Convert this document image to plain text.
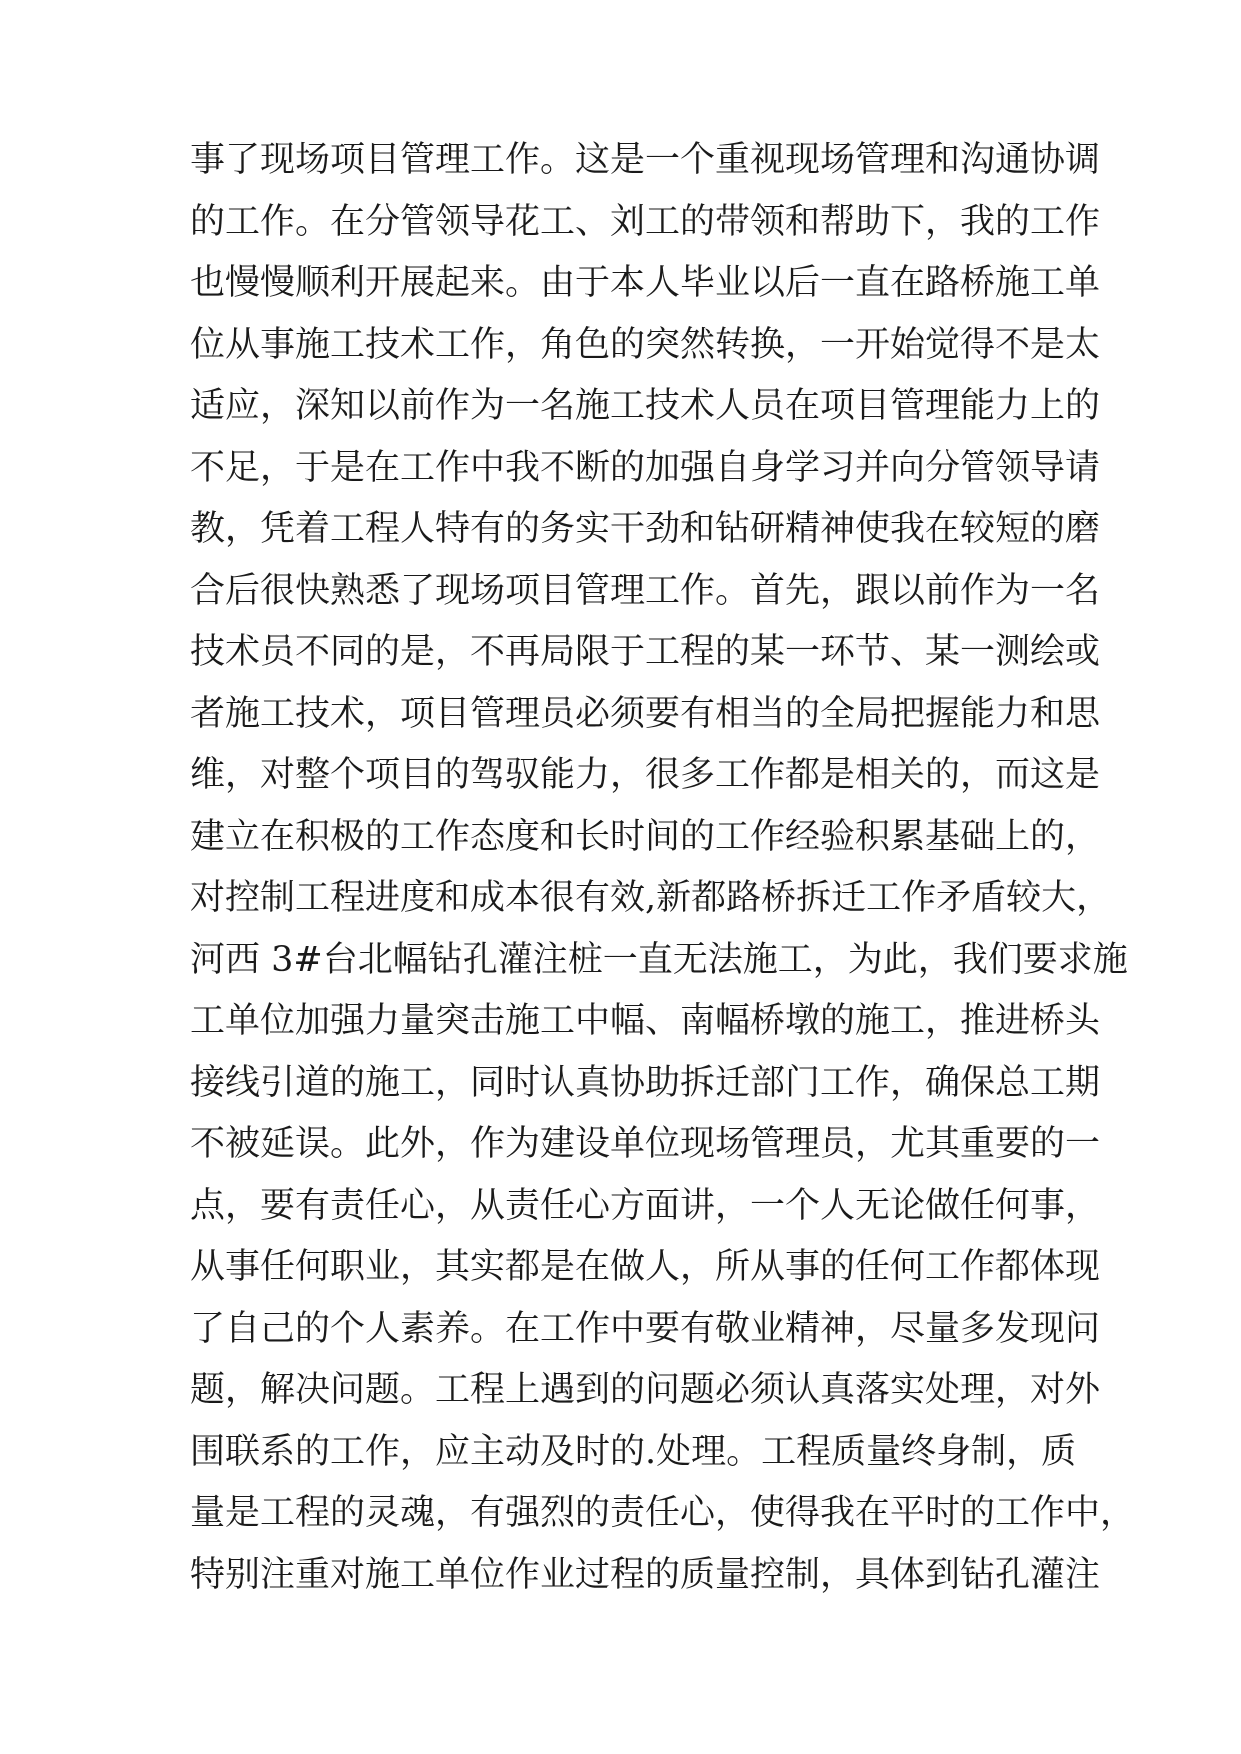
事了现场项目管理工作。这是一个重视现场管理和沟通协调
的工作。在分管领导花工、刘工的带领和帮助下，我的工作
也慢慢顺利开展起来。由于本人毕业以后一直在路桥施工单
位从事施工技术工作，角色的突然转换，一开始觉得不是太
适应，深知以前作为一名施工技术人员在项目管理能力上的
不足，于是在工作中我不断的加强自身学习并向分管领导请
教，凭着工程人特有的务实干劲和钻研精神使我在较短的磨
合后很快熟悉了现场项目管理工作。首先，跟以前作为一名
技术员不同的是，不再局限于工程的某一环节、某一测绘或
者施工技术，项目管理员必须要有相当的全局把握能力和思
维，对整个项目的驾驭能力，很多工作都是相关的，而这是
建立在积极的工作态度和长时间的工作经验积累基础上的，
对控制工程进度和成本很有效,新都路桥拆迁工作矛盾较大，
河西 3#台北幅钻孔灌注桩一直无法施工，为此，我们要求施
工单位加强力量突击施工中幅、南幅桥墩的施工，推进桥头
接线引道的施工，同时认真协助拆迁部门工作，确保总工期
不被延误。此外，作为建设单位现场管理员，尤其重要的一
点，要有责任心，从责任心方面讲，一个人无论做任何事，
从事任何职业，其实都是在做人，所从事的任何工作都体现
了自己的个人素养。在工作中要有敬业精神，尽量多发现问
题，解决问题。工程上遇到的问题必须认真落实处理，对外
围联系的工作，应主动及时的.处理。工程质量终身制，质
量是工程的灵魂，有强烈的责任心，使得我在平时的工作中，
特别注重对施工单位作业过程的质量控制，具体到钻孔灌注
